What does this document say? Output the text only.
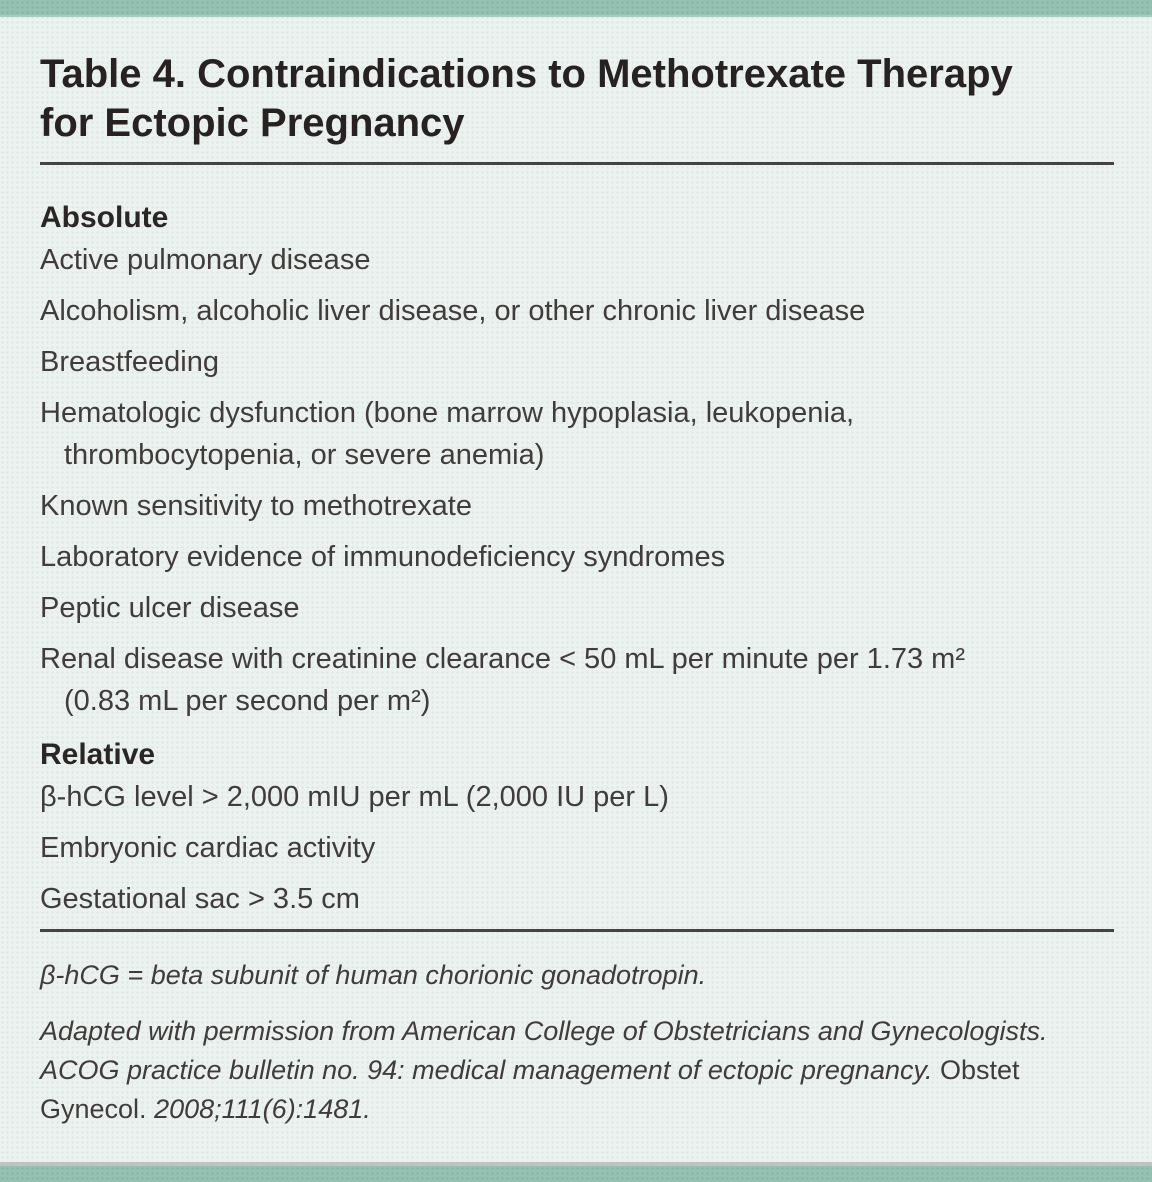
Table 4. Contraindications to Methotrexate Therapy
for Ectopic Pregnancy
Absolute
Active pulmonary disease
Alcoholism, alcoholic liver disease, or other chronic liver disease
Breastfeeding
Hematologic dysfunction (bone marrow hypoplasia, leukopenia,
thrombocytopenia, or severe anemia)
Known sensitivity to methotrexate
Laboratory evidence of immunodeficiency syndromes
Peptic ulcer disease
Renal disease with creatinine clearance < 50 mL per minute per 1.73 m²
(0.83 mL per second per m²)
Relative
β-hCG level > 2,000 mIU per mL (2,000 IU per L)
Embryonic cardiac activity
Gestational sac > 3.5 cm
β-hCG = beta subunit of human chorionic gonadotropin.
Adapted with permission from American College of Obstetricians and Gynecologists.
ACOG practice bulletin no. 94: medical management of ectopic pregnancy. Obstet
Gynecol. 2008;111(6):1481.
